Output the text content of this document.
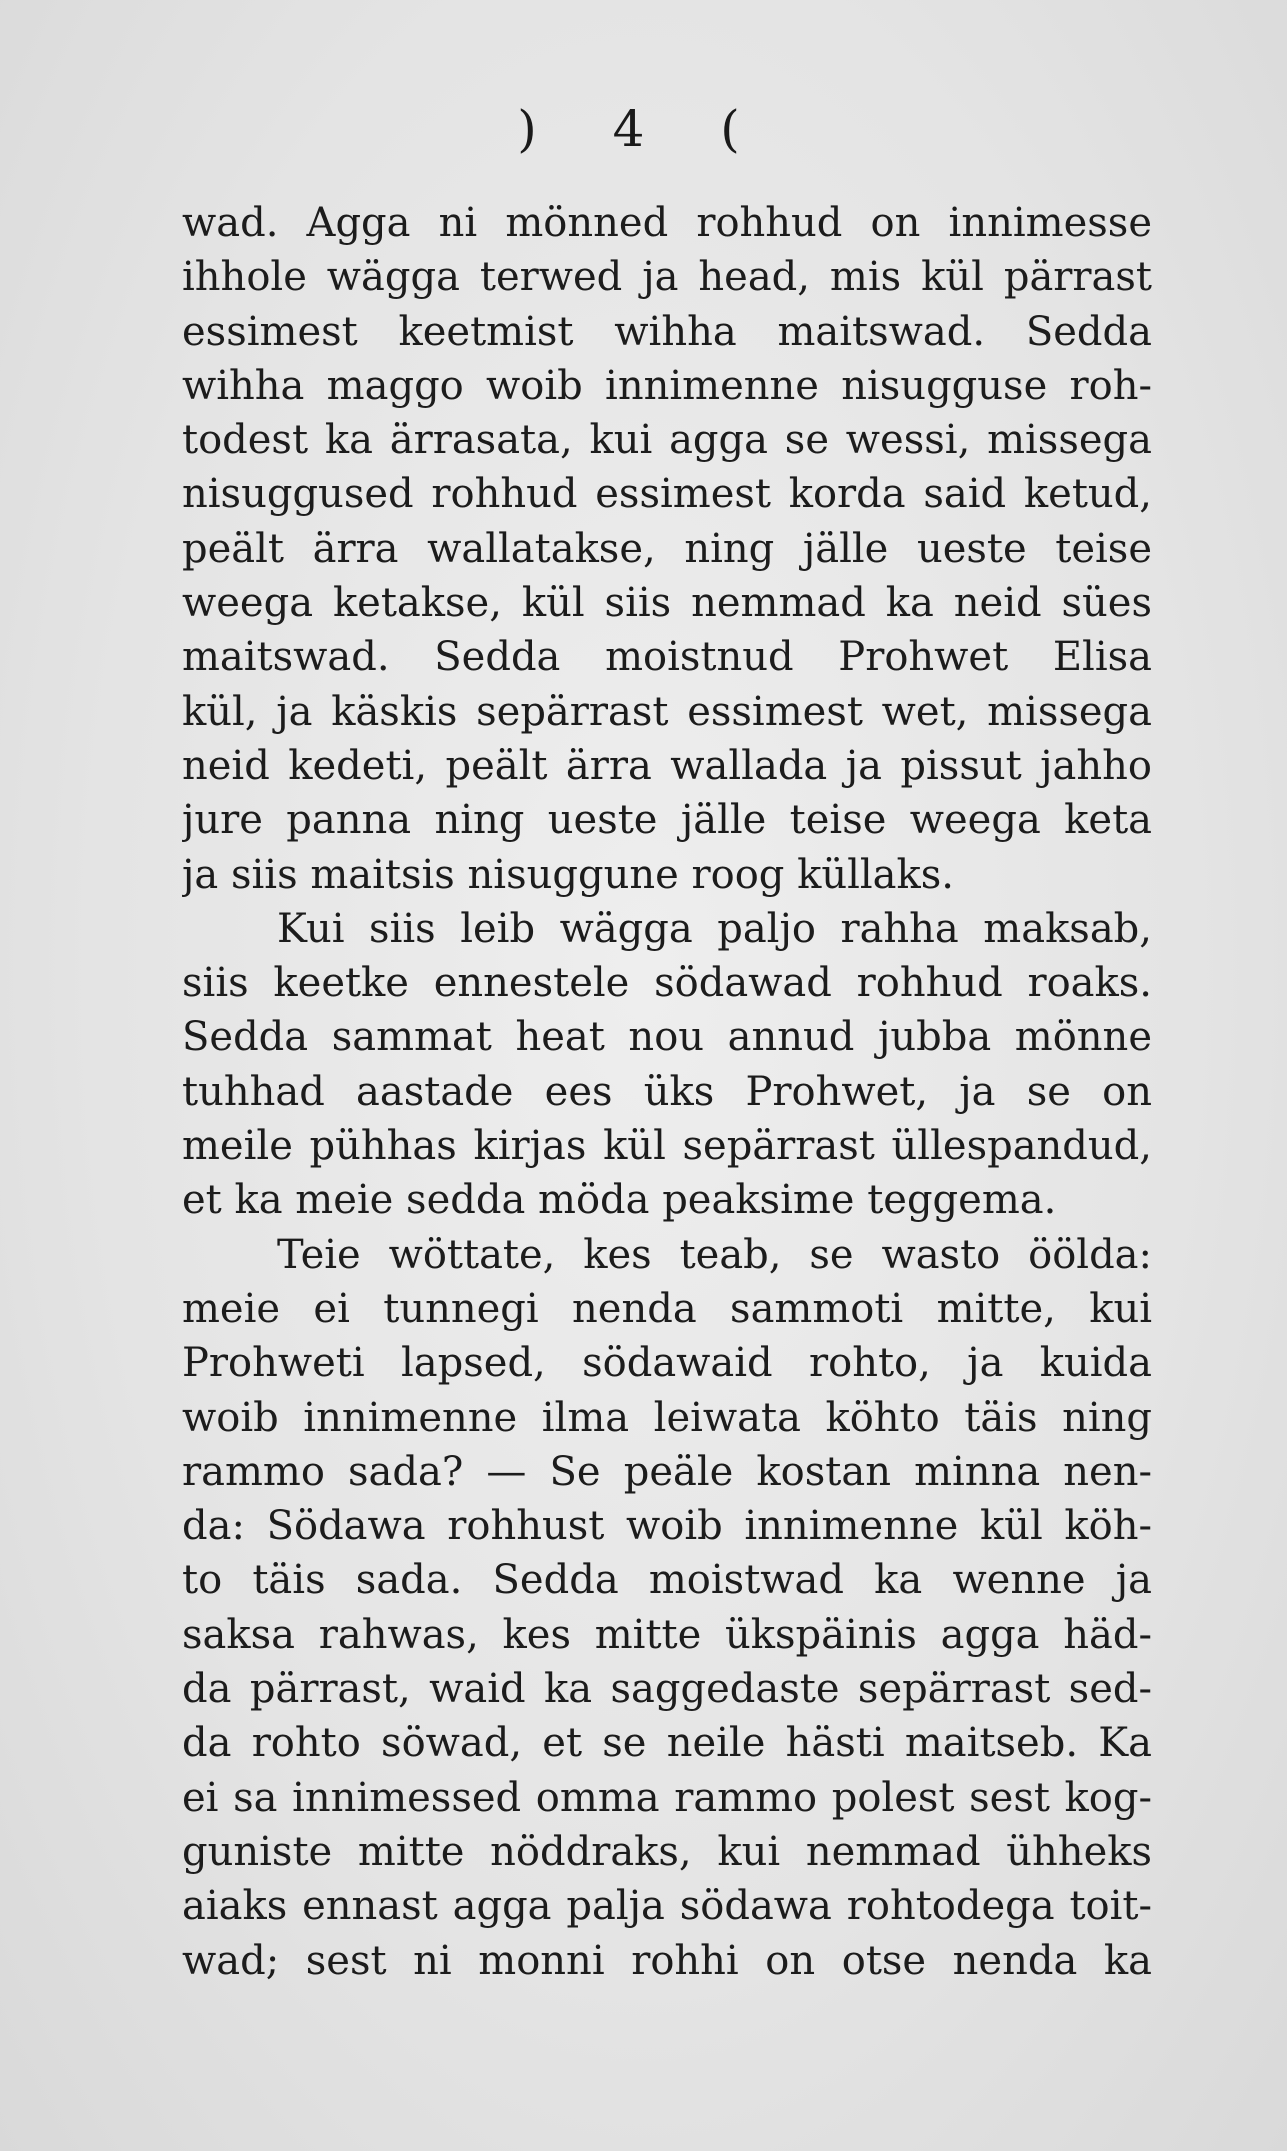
) 4 (
wad. Agga ni mönned rohhud on innimesse
ihhole wägga terwed ja head, mis kül pärrast
essimest keetmist wihha maitswad. Sedda
wihha maggo woib innimenne nisugguse roh-
todest ka ärrasata, kui agga se wessi, missega
nisuggused rohhud essimest korda said ketud,
peält ärra wallatakse, ning jälle ueste teise
weega ketakse, kül siis nemmad ka neid sües
maitswad. Sedda moistnud Prohwet Elisa
kül, ja käskis sepärrast essimest wet, missega
neid kedeti, peält ärra wallada ja pissut jahho
jure panna ning ueste jälle teise weega keta
ja siis maitsis nisuggune roog küllaks.
Kui siis leib wägga paljo rahha maksab,
siis keetke ennestele södawad rohhud roaks.
Sedda sammat heat nou annud jubba mönne
tuhhad aastade ees üks Prohwet, ja se on
meile pühhas kirjas kül sepärrast üllespandud,
et ka meie sedda möda peaksime teggema.
Teie wöttate, kes teab, se wasto öölda:
meie ei tunnegi nenda sammoti mitte, kui
Prohweti lapsed, södawaid rohto, ja kuida
woib innimenne ilma leiwata köhto täis ning
rammo sada? — Se peäle kostan minna nen-
da: Södawa rohhust woib innimenne kül köh-
to täis sada. Sedda moistwad ka wenne ja
saksa rahwas, kes mitte ükspäinis agga häd-
da pärrast, waid ka saggedaste sepärrast sed-
da rohto söwad, et se neile hästi maitseb. Ka
ei sa innimessed omma rammo polest sest kog-
guniste mitte nöddraks, kui nemmad ühheks
aiaks ennast agga palja södawa rohtodega toit-
wad; sest ni monni rohhi on otse nenda ka
